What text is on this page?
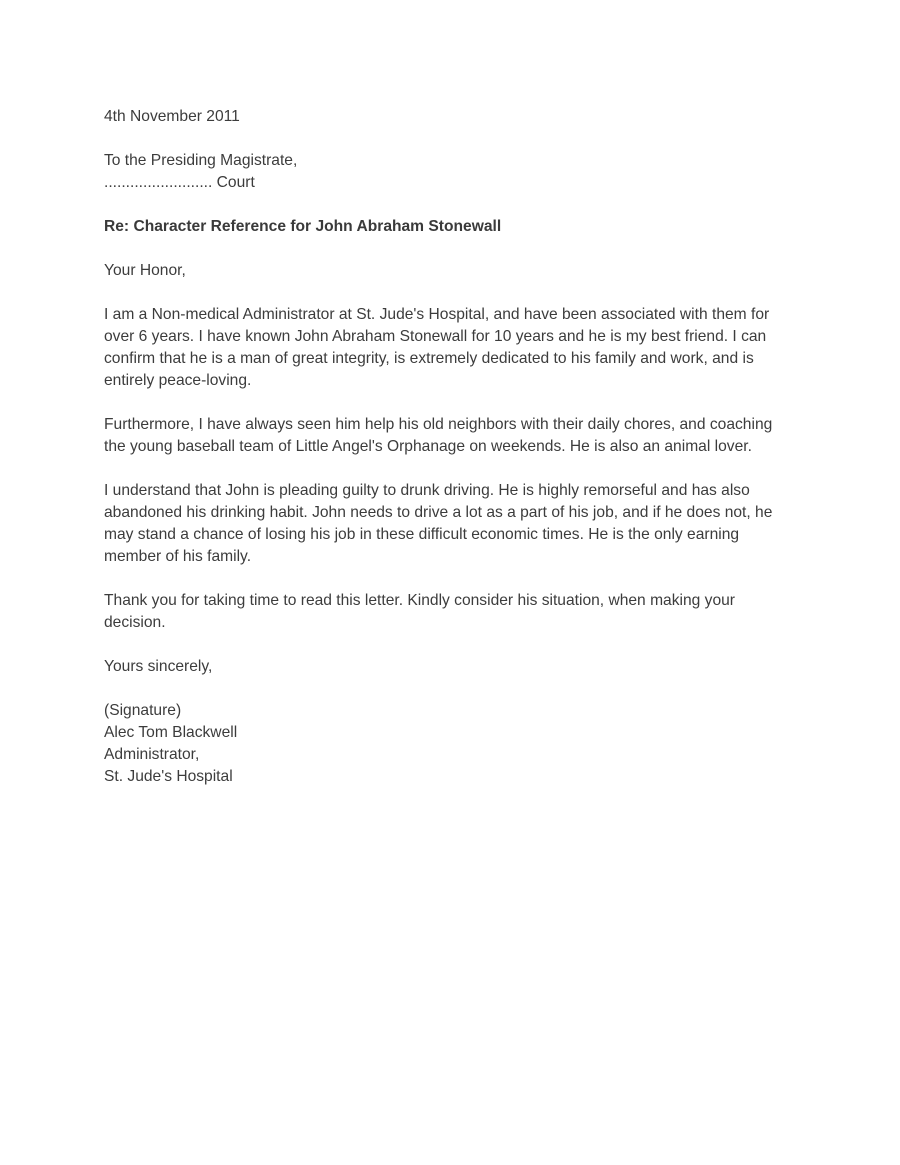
4th November 2011

To the Presiding Magistrate,

......................... Court

Re: Character Reference for John Abraham Stonewall

Your Honor,

I am a Non-medical Administrator at St. Jude's Hospital, and have been associated with them for over 6 years. I have known John Abraham Stonewall for 10 years and he is my best friend. I can confirm that he is a man of great integrity, is extremely dedicated to his family and work, and is entirely peace-loving.

Furthermore, I have always seen him help his old neighbors with their daily chores, and coaching the young baseball team of Little Angel's Orphanage on weekends. He is also an animal lover.

I understand that John is pleading guilty to drunk driving. He is highly remorseful and has also abandoned his drinking habit. John needs to drive a lot as a part of his job, and if he does not, he may stand a chance of losing his job in these difficult economic times. He is the only earning member of his family.

Thank you for taking time to read this letter. Kindly consider his situation, when making your decision.

Yours sincerely,

(Signature)

Alec Tom Blackwell

Administrator,

St. Jude's Hospital
